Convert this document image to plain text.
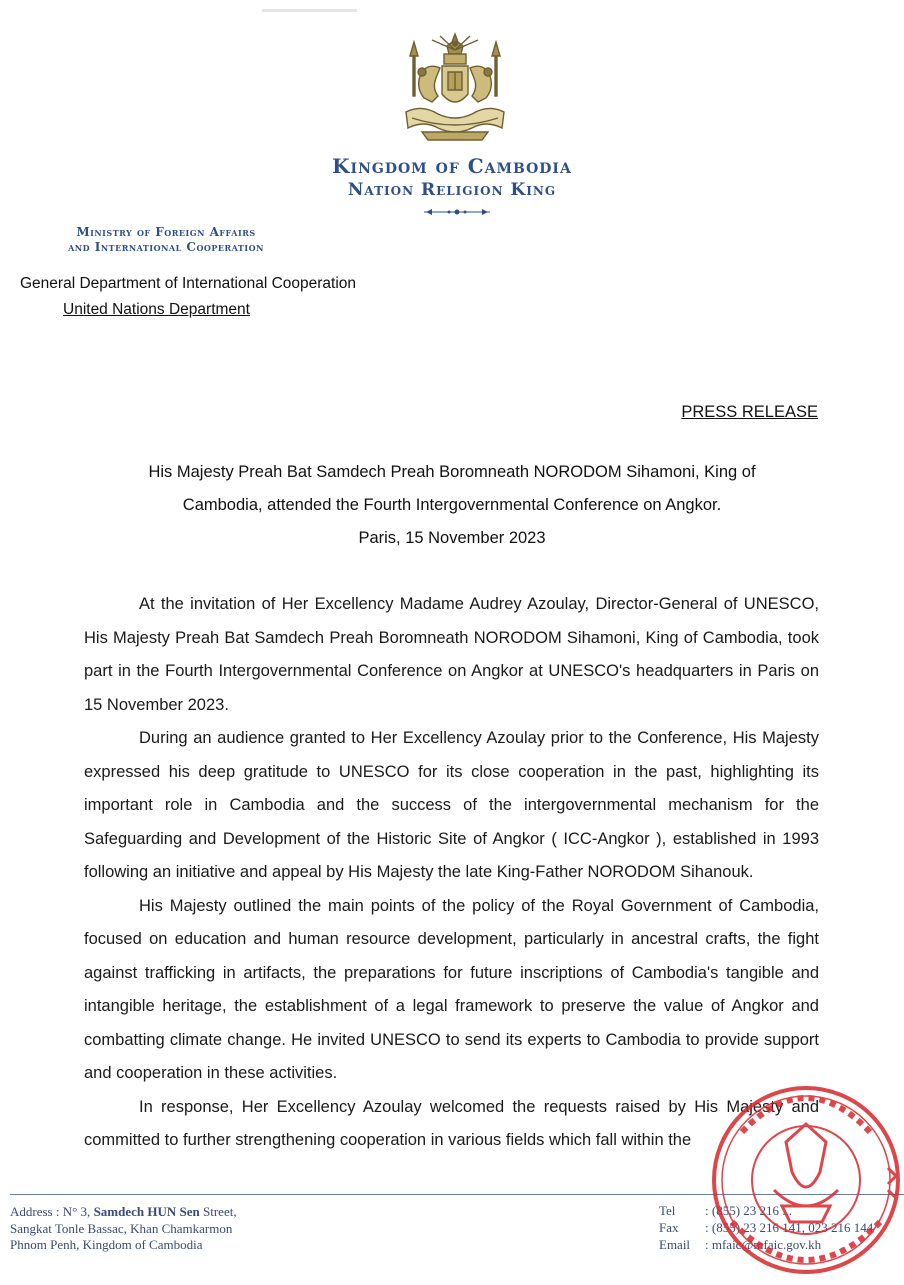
Kingdom of Cambodia
Nation Religion King
Ministry of Foreign Affairs
and International Cooperation
General Department of International Cooperation
United Nations Department
PRESS RELEASE
His Majesty Preah Bat Samdech Preah Boromneath NORODOM Sihamoni, King of
Cambodia, attended the Fourth Intergovernmental Conference on Angkor.
Paris, 15 November 2023

At the invitation of Her Excellency Madame Audrey Azoulay, Director-General of UNESCO, His Majesty Preah Bat Samdech Preah Boromneath NORODOM Sihamoni, King of Cambodia, took part in the Fourth Intergovernmental Conference on Angkor at UNESCO's headquarters in Paris on 15 November 2023.

During an audience granted to Her Excellency Azoulay prior to the Conference, His Majesty expressed his deep gratitude to UNESCO for its close cooperation in the past, highlighting its important role in Cambodia and the success of the intergovernmental mechanism for the Safeguarding and Development of the Historic Site of Angkor ( ICC-Angkor ), established in 1993 following an initiative and appeal by His Majesty the late King-Father NORODOM Sihanouk.

His Majesty outlined the main points of the policy of the Royal Government of Cambodia, focused on education and human resource development, particularly in ancestral crafts, the fight against trafficking in artifacts, the preparations for future inscriptions of Cambodia's tangible and intangible heritage, the establishment of a legal framework to preserve the value of Angkor and combatting climate change. He invited UNESCO to send its experts to Cambodia to provide support and cooperation in these activities.

In response, Her Excellency Azoulay welcomed the requests raised by His Majesty and committed to further strengthening cooperation in various fields which fall within the

Address : N° 3, Samdech HUN Sen Street,
Sangkat Tonle Bassac, Khan Chamkarmon
Phnom Penh, Kingdom of Cambodia
Tel : (855) 23 216 ...
Fax : (855) 23 216 141, 023 216 144
Email : mfaic@mfaic.gov.kh
